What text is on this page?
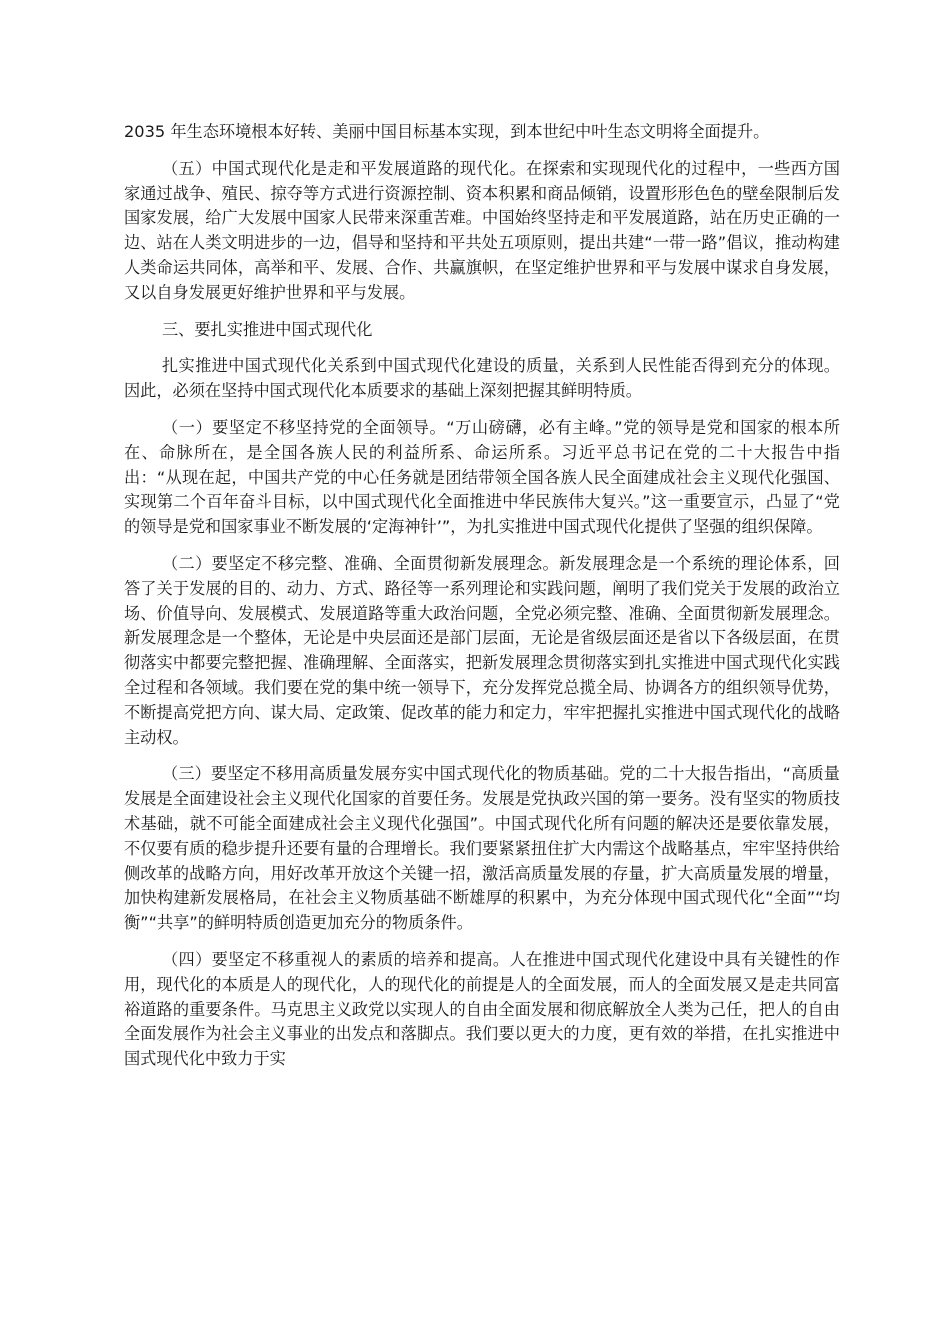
2035 年生态环境根本好转、美丽中国目标基本实现，到本世纪中叶生态文明将全面提升。

（五）中国式现代化是走和平发展道路的现代化。在探索和实现现代化的过程中，一些西方国家通过战争、殖民、掠夺等方式进行资源控制、资本积累和商品倾销，设置形形色色的壁垒限制后发国家发展，给广大发展中国家人民带来深重苦难。中国始终坚持走和平发展道路，站在历史正确的一边、站在人类文明进步的一边，倡导和坚持和平共处五项原则，提出共建“一带一路”倡议，推动构建人类命运共同体，高举和平、发展、合作、共赢旗帜，在坚定维护世界和平与发展中谋求自身发展，又以自身发展更好维护世界和平与发展。

三、要扎实推进中国式现代化

扎实推进中国式现代化关系到中国式现代化建设的质量，关系到人民性能否得到充分的体现。因此，必须在坚持中国式现代化本质要求的基础上深刻把握其鲜明特质。

（一）要坚定不移坚持党的全面领导。“万山磅礴，必有主峰。”党的领导是党和国家的根本所在、命脉所在，是全国各族人民的利益所系、命运所系。习近平总书记在党的二十大报告中指出：“从现在起，中国共产党的中心任务就是团结带领全国各族人民全面建成社会主义现代化强国、实现第二个百年奋斗目标，以中国式现代化全面推进中华民族伟大复兴。”这一重要宣示，凸显了“党的领导是党和国家事业不断发展的‘定海神针’”，为扎实推进中国式现代化提供了坚强的组织保障。

（二）要坚定不移完整、准确、全面贯彻新发展理念。新发展理念是一个系统的理论体系，回答了关于发展的目的、动力、方式、路径等一系列理论和实践问题，阐明了我们党关于发展的政治立场、价值导向、发展模式、发展道路等重大政治问题，全党必须完整、准确、全面贯彻新发展理念。新发展理念是一个整体，无论是中央层面还是部门层面，无论是省级层面还是省以下各级层面，在贯彻落实中都要完整把握、准确理解、全面落实，把新发展理念贯彻落实到扎实推进中国式现代化实践全过程和各领域。我们要在党的集中统一领导下，充分发挥党总揽全局、协调各方的组织领导优势，不断提高党把方向、谋大局、定政策、促改革的能力和定力，牢牢把握扎实推进中国式现代化的战略主动权。

（三）要坚定不移用高质量发展夯实中国式现代化的物质基础。党的二十大报告指出，“高质量发展是全面建设社会主义现代化国家的首要任务。发展是党执政兴国的第一要务。没有坚实的物质技术基础，就不可能全面建成社会主义现代化强国”。中国式现代化所有问题的解决还是要依靠发展，不仅要有质的稳步提升还要有量的合理增长。我们要紧紧扭住扩大内需这个战略基点，牢牢坚持供给侧改革的战略方向，用好改革开放这个关键一招，激活高质量发展的存量，扩大高质量发展的增量，加快构建新发展格局，在社会主义物质基础不断雄厚的积累中，为充分体现中国式现代化“全面”“均衡”“共享”的鲜明特质创造更加充分的物质条件。

（四）要坚定不移重视人的素质的培养和提高。人在推进中国式现代化建设中具有关键性的作用，现代化的本质是人的现代化，人的现代化的前提是人的全面发展，而人的全面发展又是走共同富裕道路的重要条件。马克思主义政党以实现人的自由全面发展和彻底解放全人类为己任，把人的自由全面发展作为社会主义事业的出发点和落脚点。我们要以更大的力度，更有效的举措，在扎实推进中国式现代化中致力于实
